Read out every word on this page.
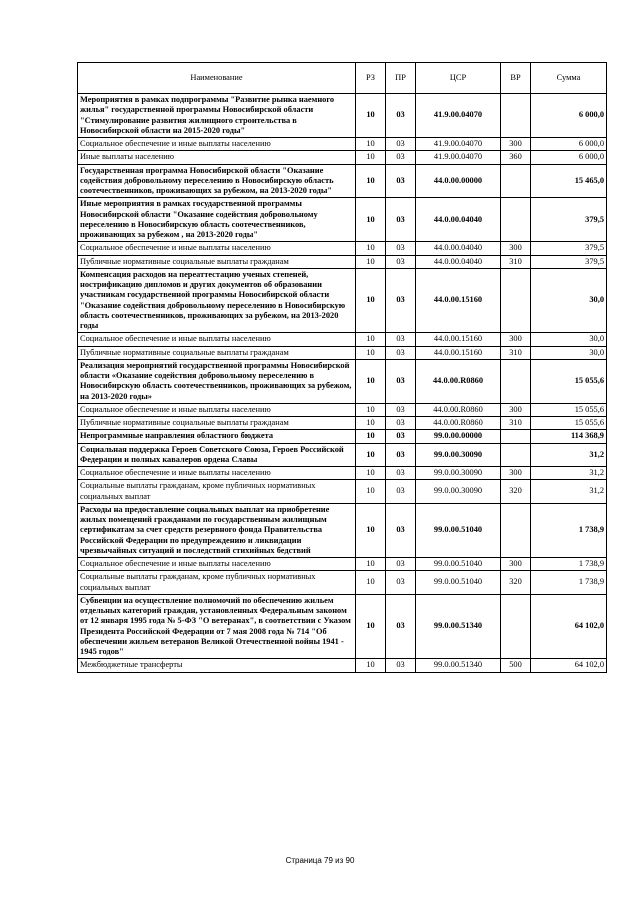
Наименование	РЗ	ПР	ЦСР	ВР	Сумма
Мероприятия в рамках подпрограммы "Развитие рынка наемного жилья" государственной программы Новосибирской области "Стимулирование развития жилищного строительства в Новосибирской области на 2015-2020 годы"	10	03	41.9.00.04070		6 000,0
Социальное обеспечение и иные выплаты населению	10	03	41.9.00.04070	300	6 000,0
Иные выплаты населению	10	03	41.9.00.04070	360	6 000,0
Государственная программа Новосибирской области "Оказание содействия добровольному переселению в Новосибирскую область соотечественников, проживающих за рубежом, на 2013-2020 годы"	10	03	44.0.00.00000		15 465,0
Иные мероприятия в рамках государственной программы Новосибирской области "Оказание содействия добровольному переселению в Новосибирскую область соотечественников, проживающих за рубежом , на 2013-2020 годы"	10	03	44.0.00.04040		379,5
Социальное обеспечение и иные выплаты населению	10	03	44.0.00.04040	300	379,5
Публичные нормативные социальные выплаты гражданам	10	03	44.0.00.04040	310	379,5
Компенсация расходов на переаттестацию ученых степеней, нострификацию дипломов и других документов об образовании участникам государственной программы Новосибирской области "Оказание содействия добровольному переселению в Новосибирскую область соотечественников, проживающих за рубежом, на 2013-2020 годы	10	03	44.0.00.15160		30,0
Социальное обеспечение и иные выплаты населению	10	03	44.0.00.15160	300	30,0
Публичные нормативные социальные выплаты гражданам	10	03	44.0.00.15160	310	30,0
Реализация мероприятий государственной программы Новосибирской области «Оказание содействия добровольному переселению в Новосибирскую область соотечественников, проживающих за рубежом, на 2013-2020 годы»	10	03	44.0.00.R0860		15 055,6
Социальное обеспечение и иные выплаты населению	10	03	44.0.00.R0860	300	15 055,6
Публичные нормативные социальные выплаты гражданам	10	03	44.0.00.R0860	310	15 055,6
Непрограммные направления областного бюджета	10	03	99.0.00.00000		114 368,9
Социальная поддержка Героев Советского Союза, Героев Российской Федерации и полных кавалеров ордена Славы	10	03	99.0.00.30090		31,2
Социальное обеспечение и иные выплаты населению	10	03	99.0.00.30090	300	31,2
Социальные выплаты гражданам, кроме публичных нормативных социальных выплат	10	03	99.0.00.30090	320	31,2
Расходы на предоставление социальных выплат на приобретение жилых помещений гражданами по государственным жилищным сертификатам за счет средств резервного фонда Правительства Российской Федерации по предупреждению и ликвидации чрезвычайных ситуаций и последствий стихийных бедствий	10	03	99.0.00.51040		1 738,9
Социальное обеспечение и иные выплаты населению	10	03	99.0.00.51040	300	1 738,9
Социальные выплаты гражданам, кроме публичных нормативных социальных выплат	10	03	99.0.00.51040	320	1 738,9
Субвенции на осуществление полномочий по обеспечению жильем отдельных категорий граждан, установленных Федеральным законом от 12 января 1995 года № 5-ФЗ "О ветеранах", в соответствии с Указом Президента Российской Федерации от 7 мая 2008 года № 714 "Об обеспечении жильем ветеранов Великой Отечественной войны 1941 - 1945 годов"	10	03	99.0.00.51340		64 102,0
Межбюджетные трансферты	10	03	99.0.00.51340	500	64 102,0
Страница 79 из 90
